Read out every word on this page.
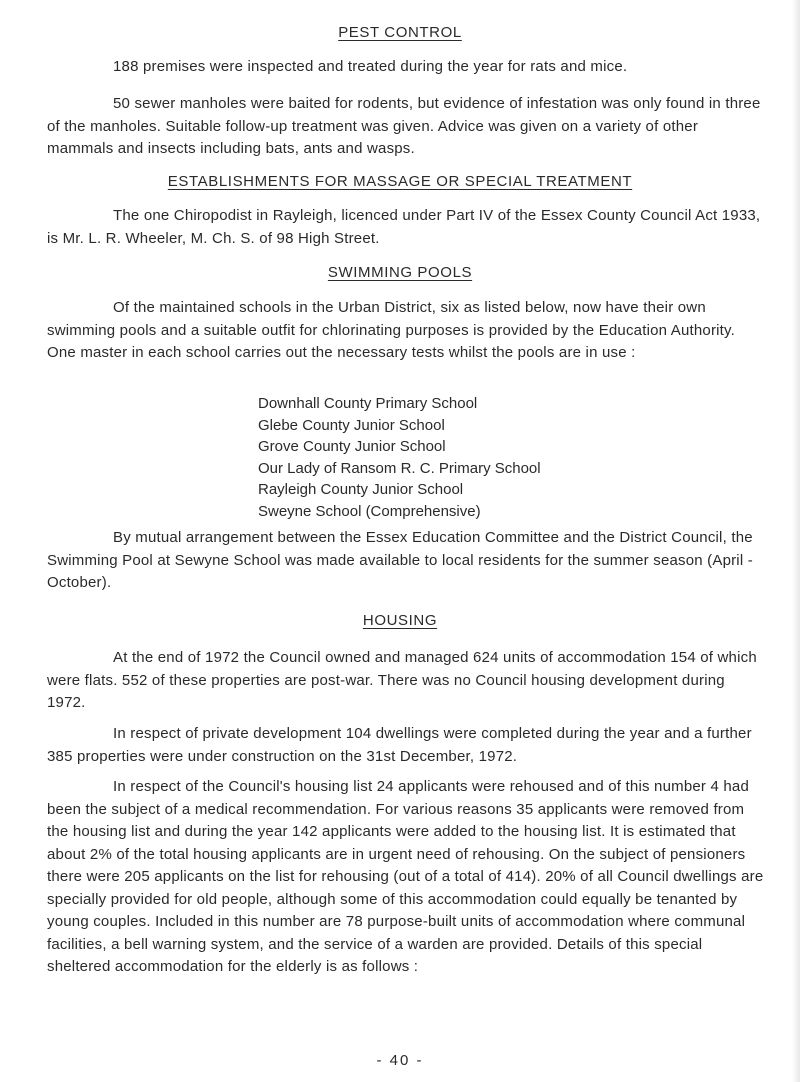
PEST CONTROL
188 premises were inspected and treated during the year for rats and mice.
50 sewer manholes were baited for rodents, but evidence of infestation was only found in three of the manholes. Suitable follow-up treatment was given. Advice was given on a variety of other mammals and insects including bats, ants and wasps.
ESTABLISHMENTS FOR MASSAGE OR SPECIAL TREATMENT
The one Chiropodist in Rayleigh, licenced under Part IV of the Essex County Council Act 1933, is Mr. L. R. Wheeler, M. Ch. S. of 98 High Street.
SWIMMING POOLS
Of the maintained schools in the Urban District, six as listed below, now have their own swimming pools and a suitable outfit for chlorinating purposes is provided by the Education Authority. One master in each school carries out the necessary tests whilst the pools are in use :
Downhall County Primary School
Glebe County Junior School
Grove County Junior School
Our Lady of Ransom R. C. Primary School
Rayleigh County Junior School
Sweyne School (Comprehensive)
By mutual arrangement between the Essex Education Committee and the District Council, the Swimming Pool at Sewyne School was made available to local residents for the summer season (April - October).
HOUSING
At the end of 1972 the Council owned and managed 624 units of accommodation 154 of which were flats. 552 of these properties are post-war. There was no Council housing development during 1972.
In respect of private development 104 dwellings were completed during the year and a further 385 properties were under construction on the 31st December, 1972.
In respect of the Council's housing list 24 applicants were rehoused and of this number 4 had been the subject of a medical recommendation. For various reasons 35 applicants were removed from the housing list and during the year 142 applicants were added to the housing list. It is estimated that about 2% of the total housing applicants are in urgent need of rehousing. On the subject of pensioners there were 205 applicants on the list for rehousing (out of a total of 414). 20% of all Council dwellings are specially provided for old people, although some of this accommodation could equally be tenanted by young couples. Included in this number are 78 purpose-built units of accommodation where communal facilities, a bell warning system, and the service of a warden are provided. Details of this special sheltered accommodation for the elderly is as follows :
- 40 -
